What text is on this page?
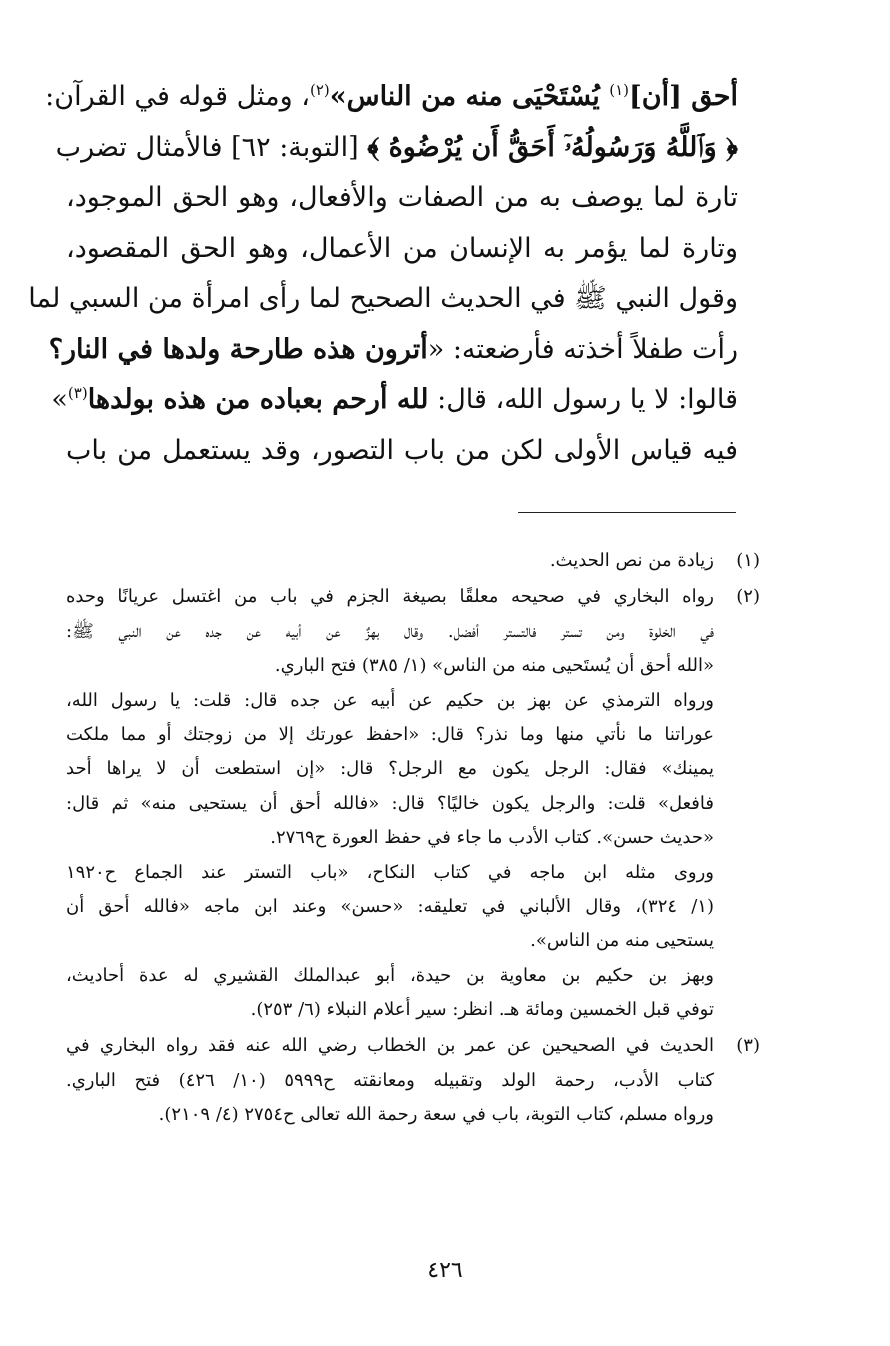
أحق [أن]$^{(١)}$ يُسْتَحْيَى منه من الناس»$^{(٢)}$، ومثل قوله في القرآن:
﴿ وَٱللَّهُ وَرَسُولُهُۥٓ أَحَقُّ أَن يُرْضُوهُ ﴾ [التوبة: ٦٢] فالأمثال تضرب
تارة لما يوصف به من الصفات والأفعال، وهو الحق الموجود،
وتارة لما يؤمر به الإنسان من الأعمال، وهو الحق المقصود،
وقول النبي ﷺ في الحديث الصحيح لما رأى امرأة من السبي لما
رأت طفلاً أخذته فأرضعته: «أترون هذه طارحة ولدها في النار؟
قالوا: لا يا رسول الله، قال: لله أرحم بعباده من هذه بولدها$^{(٣)}$»
فيه قياس الأولى لكن من باب التصور، وقد يستعمل من باب
(١)
زيادة من نص الحديث.
(٢)
رواه البخاري في صحيحه معلقًا بصيغة الجزم في باب من اغتسل عريانًا وحده
في الخلوة ومن تستر فالتستر أفضل. وقال بهزٌ عن أبيه عن جده عن النبي ﷺ:
«الله أحق أن يُستَحيى منه من الناس» (١/ ٣٨٥) فتح الباري.
ورواه الترمذي عن بهز بن حكيم عن أبيه عن جده قال: قلت: يا رسول الله،
عوراتنا ما نأتي منها وما نذر؟ قال: «احفظ عورتك إلا من زوجتك أو مما ملكت
يمينك» فقال: الرجل يكون مع الرجل؟ قال: «إن استطعت أن لا يراها أحد
فافعل» قلت: والرجل يكون خاليًا؟ قال: «فالله أحق أن يستحيى منه» ثم قال:
«حديث حسن». كتاب الأدب ما جاء في حفظ العورة ح٢٧٦٩.
وروى مثله ابن ماجه في كتاب النكاح، «باب التستر عند الجماع ح١٩٢٠
(١/ ٣٢٤)، وقال الألباني في تعليقه: «حسن» وعند ابن ماجه «فالله أحق أن
يستحيى منه من الناس».
وبهز بن حكيم بن معاوية بن حيدة، أبو عبدالملك القشيري له عدة أحاديث،
توفي قبل الخمسين ومائة هـ. انظر: سير أعلام النبلاء (٦/ ٢٥٣).
(٣)
الحديث في الصحيحين عن عمر بن الخطاب رضي الله عنه فقد رواه البخاري في
كتاب الأدب، رحمة الولد وتقبيله ومعانقته ح٥٩٩٩ (١٠/ ٤٢٦) فتح الباري.
ورواه مسلم، كتاب التوبة، باب في سعة رحمة الله تعالى ح٢٧٥٤ (٤/ ٢١٠٩).
٤٢٦
